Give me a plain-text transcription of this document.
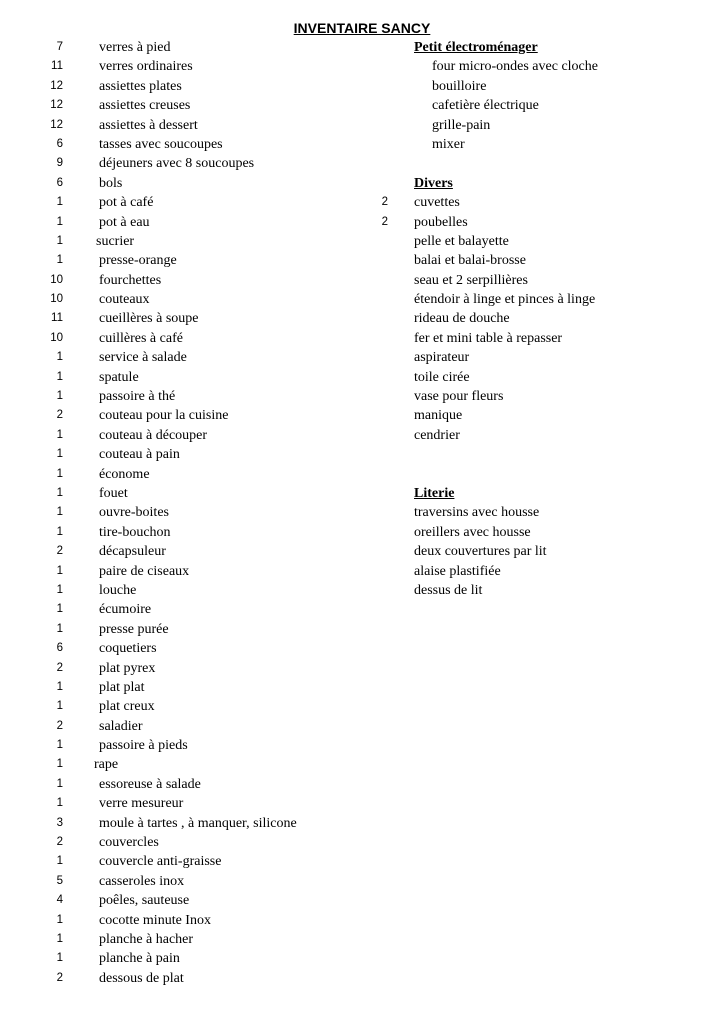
INVENTAIRE SANCY
7	verres à pied
11	verres ordinaires
12	assiettes plates
12	assiettes creuses
12	assiettes à dessert
6	tasses avec soucoupes
9	déjeuners avec 8 soucoupes
6	bols
1	pot à café
1	pot à eau
1 sucrier
1	presse-orange
10	fourchettes
10	couteaux
11	cueillères à soupe
10	cuillères à café
1	service à salade
1	spatule
1	passoire à thé
2	couteau pour la cuisine
1	couteau à découper
1	couteau à pain
1	économe
1	fouet
1	ouvre-boites
1	tire-bouchon
2	décapsuleur
1	paire de ciseaux
1	louche
1	écumoire
1	presse purée
6	coquetiers
2	plat pyrex
1	plat plat
1	plat creux
2	saladier
1	passoire à pieds
1 rape
1	essoreuse à salade
1	verre mesureur
3	moule à tartes , à manquer, silicone
2	couvercles
1	couvercle anti-graisse
5	casseroles inox
4	poêles, sauteuse
1	cocotte minute Inox
1	planche à hacher
1	planche à pain
2	dessous de plat
Petit électroménager
four micro-ondes avec cloche
bouilloire
cafetière électrique
grille-pain
mixer
Divers
2 cuvettes
2 poubelles
pelle et balayette
balai et balai-brosse
seau et 2 serpillières
étendoir à linge et pinces à linge
rideau de douche
fer et mini table à repasser
aspirateur
toile cirée
vase pour fleurs
manique
cendrier
Literie
traversins avec housse
oreillers avec housse
deux couvertures par lit
alaise plastifiée
dessus de lit
